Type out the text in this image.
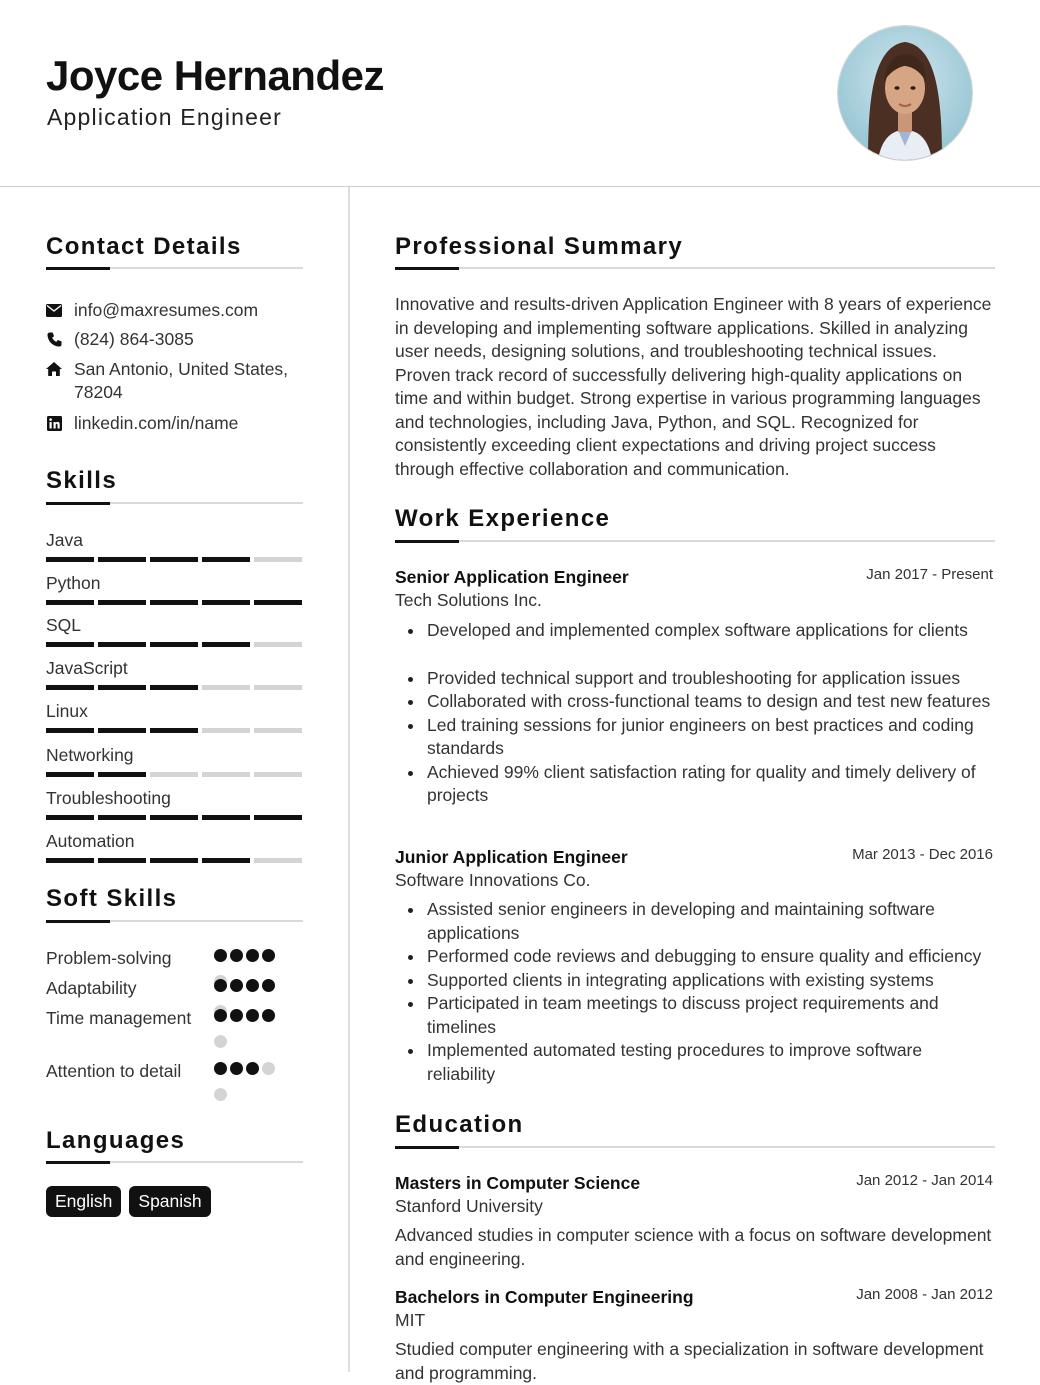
Joyce Hernandez
Application Engineer
Contact Details
info@maxresumes.com
(824) 864-3085
San Antonio, United States, 78204
linkedin.com/in/name
Skills
Java
Python
SQL
JavaScript
Linux
Networking
Troubleshooting
Automation
Soft Skills
Problem-solving
Adaptability
Time management
Attention to detail
Languages
English	Spanish
Professional Summary
Innovative and results-driven Application Engineer with 8 years of experience in developing and implementing software applications. Skilled in analyzing user needs, designing solutions, and troubleshooting technical issues. Proven track record of successfully delivering high-quality applications on time and within budget. Strong expertise in various programming languages and technologies, including Java, Python, and SQL. Recognized for consistently exceeding client expectations and driving project success through effective collaboration and communication.
Work Experience
Senior Application Engineer	Jan 2017 - Present
Tech Solutions Inc.
Developed and implemented complex software applications for clients
Provided technical support and troubleshooting for application issues
Collaborated with cross-functional teams to design and test new features
Led training sessions for junior engineers on best practices and coding standards
Achieved 99% client satisfaction rating for quality and timely delivery of projects
Junior Application Engineer	Mar 2013 - Dec 2016
Software Innovations Co.
Assisted senior engineers in developing and maintaining software applications
Performed code reviews and debugging to ensure quality and efficiency
Supported clients in integrating applications with existing systems
Participated in team meetings to discuss project requirements and timelines
Implemented automated testing procedures to improve software reliability
Education
Masters in Computer Science	Jan 2012 - Jan 2014
Stanford University
Advanced studies in computer science with a focus on software development and engineering.
Bachelors in Computer Engineering	Jan 2008 - Jan 2012
MIT
Studied computer engineering with a specialization in software development and programming.
